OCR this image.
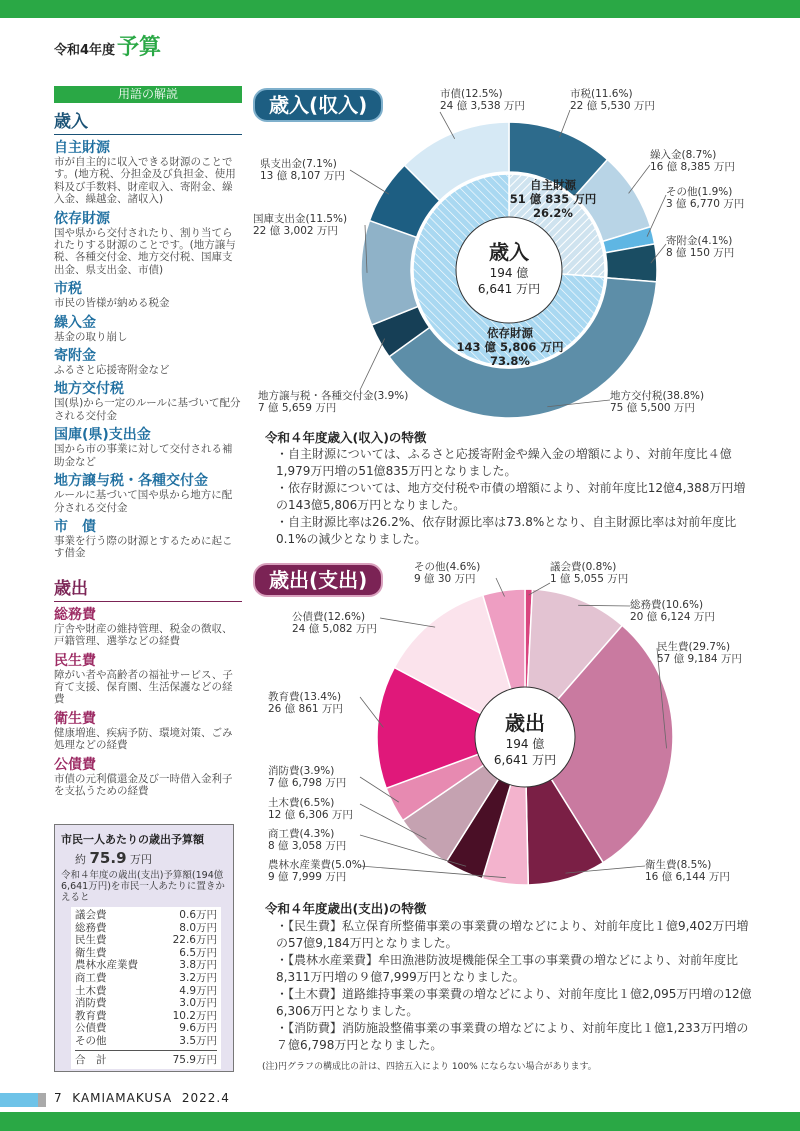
令和4年度予算
用語の解説
歳入
自主財源
市が自主的に収入できる財源のことです。(地方税、分担金及び負担金、使用料及び手数料、財産収入、寄附金、繰入金、繰越金、諸収入)
依存財源
国や県から交付されたり、割り当てられたりする財源のことです。(地方譲与税、各種交付金、地方交付税、国庫支出金、県支出金、市債)
市税
市民の皆様が納める税金
繰入金
基金の取り崩し
寄附金
ふるさと応援寄附金など
地方交付税
国(県)から一定のルールに基づいて配分される交付金
国庫(県)支出金
国から市の事業に対して交付される補助金など
地方譲与税・各種交付金
ルールに基づいて国や県から地方に配分される交付金
市　債
事業を行う際の財源とするために起こす借金
歳出
総務費
庁舎や財産の維持管理、税金の徴収、戸籍管理、選挙などの経費
民生費
障がい者や高齢者の福祉サービス、子育て支援、保育園、生活保護などの経費
衛生費
健康増進、疾病予防、環境対策、ごみ処理などの経費
公債費
市債の元利償還金及び一時借入金利子を支払うための経費
市民一人あたりの歳出予算額
約 75.9 万円
令和４年度の歳出(支出)予算額(194億6,641万円)を市民一人あたりに置きかえると
議会費	0.6万円
総務費	8.0万円
民生費	22.6万円
衛生費	6.5万円
農林水産業費	3.8万円
商工費	3.2万円
土木費	4.9万円
消防費	3.0万円
教育費	10.2万円
公債費	9.6万円
その他	3.5万円
合　計	75.9万円
歳入(収入)
歳入
194 億
6,641 万円
自主財源
51 億 835 万円
26.2%
依存財源
143 億 5,806 万円
73.8%
市税(11.6%)
22 億 5,530 万円
繰入金(8.7%)
16 億 8,385 万円
その他(1.9%)
3 億 6,770 万円
寄附金(4.1%)
8 億 150 万円
地方交付税(38.8%)
75 億 5,500 万円
地方譲与税・各種交付金(3.9%)
7 億 5,659 万円
国庫支出金(11.5%)
22 億 3,002 万円
県支出金(7.1%)
13 億 8,107 万円
市債(12.5%)
24 億 3,538 万円
令和４年度歳入(収入)の特徴
・自主財源については、ふるさと応援寄附金や繰入金の増額により、対前年度比４億1,979万円増の51億835万円となりました。
・依存財源については、地方交付税や市債の増額により、対前年度比12億4,388万円増の143億5,806万円となりました。
・自主財源比率は26.2%、依存財源比率は73.8%となり、自主財源比率は対前年度比0.1%の減少となりました。
歳出(支出)
歳出
194 億
6,641 万円
議会費(0.8%)
1 億 5,055 万円
総務費(10.6%)
20 億 6,124 万円
民生費(29.7%)
57 億 9,184 万円
衛生費(8.5%)
16 億 6,144 万円
農林水産業費(5.0%)
9 億 7,999 万円
商工費(4.3%)
8 億 3,058 万円
土木費(6.5%)
12 億 6,306 万円
消防費(3.9%)
7 億 6,798 万円
教育費(13.4%)
26 億 861 万円
公債費(12.6%)
24 億 5,082 万円
その他(4.6%)
9 億 30 万円
令和４年度歳出(支出)の特徴
・【民生費】私立保育所整備事業の事業費の増などにより、対前年度比１億9,402万円増の57億9,184万円となりました。
・【農林水産業費】牟田漁港防波堤機能保全工事の事業費の増などにより、対前年度比8,311万円増の９億7,999万円となりました。
・【土木費】道路維持事業の事業費の増などにより、対前年度比１億2,095万円増の12億6,306万円となりました。
・【消防費】消防施設整備事業の事業費の増などにより、対前年度比１億1,233万円増の７億6,798万円となりました。
(注)円グラフの構成比の計は、四捨五入により 100% にならない場合があります。
7 KAMIAMAKUSA 2022.4
